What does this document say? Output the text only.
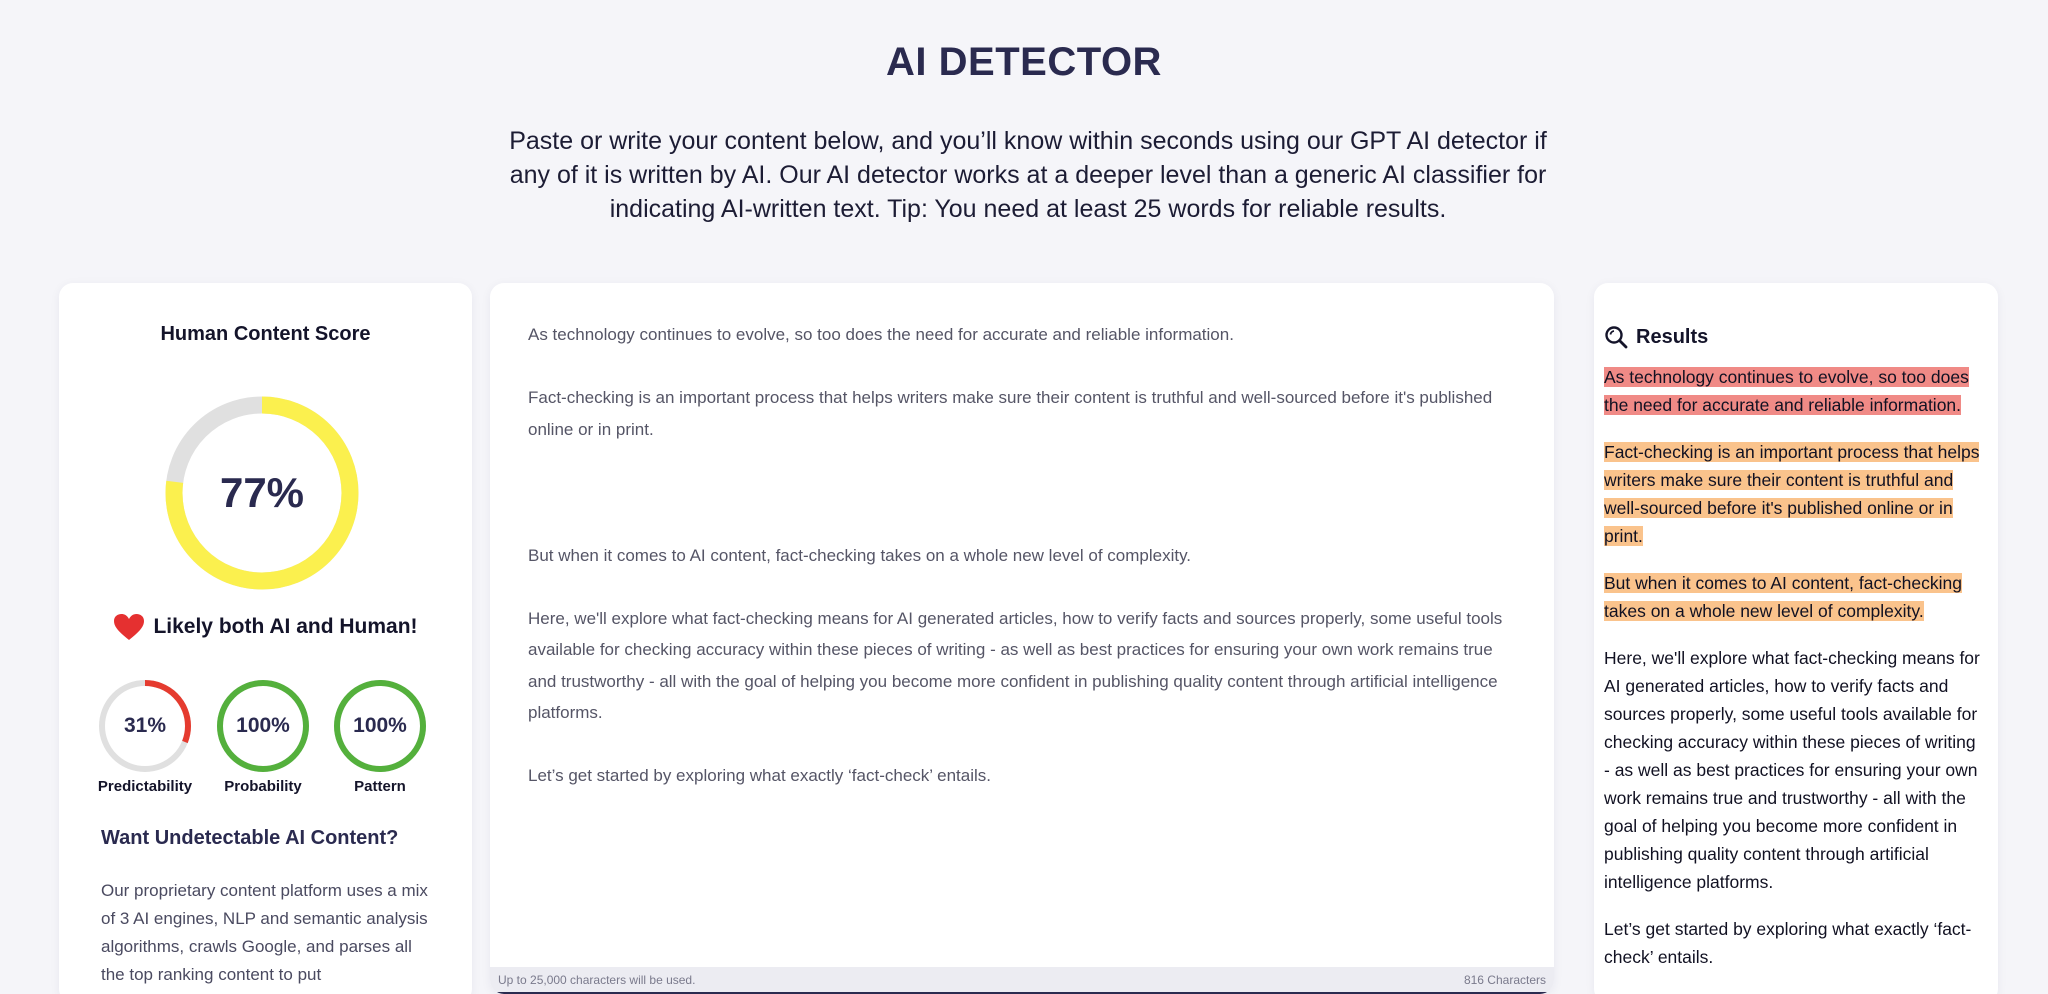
AI DETECTOR
Paste or write your content below, and you’ll know within seconds using our GPT AI detector if any of it is written by AI. Our AI detector works at a deeper level than a generic AI classifier for indicating AI-written text. Tip: You need at least 25 words for reliable results.
Human Content Score
77%
Likely both AI and Human!
31%
Predictability
100%
Probability
100%
Pattern
Want Undetectable AI Content?
Our proprietary content platform uses a mix of 3 AI engines, NLP and semantic analysis algorithms, crawls Google, and parses all the top ranking content to put

As technology continues to evolve, so too does the need for accurate and reliable information.

Fact-checking is an important process that helps writers make sure their content is truthful and well-sourced before it's published online or in print.

But when it comes to AI content, fact-checking takes on a whole new level of complexity.

Here, we'll explore what fact-checking means for AI generated articles, how to verify facts and sources properly, some useful tools available for checking accuracy within these pieces of writing - as well as best practices for ensuring your own work remains true and trustworthy - all with the goal of helping you become more confident in publishing quality content through artificial intelligence platforms.

Let’s get started by exploring what exactly ‘fact-check’ entails.

Up to 25,000 characters will be used.	816 Characters
Results

As technology continues to evolve, so too does the need for accurate and reliable information.

Fact-checking is an important process that helps writers make sure their content is truthful and well-sourced before it's published online or in print.

But when it comes to AI content, fact-checking takes on a whole new level of complexity.

Here, we'll explore what fact-checking means for AI generated articles, how to verify facts and sources properly, some useful tools available for checking accuracy within these pieces of writing - as well as best practices for ensuring your own work remains true and trustworthy - all with the goal of helping you become more confident in publishing quality content through artificial intelligence platforms.

Let’s get started by exploring what exactly ‘fact-check’ entails.
